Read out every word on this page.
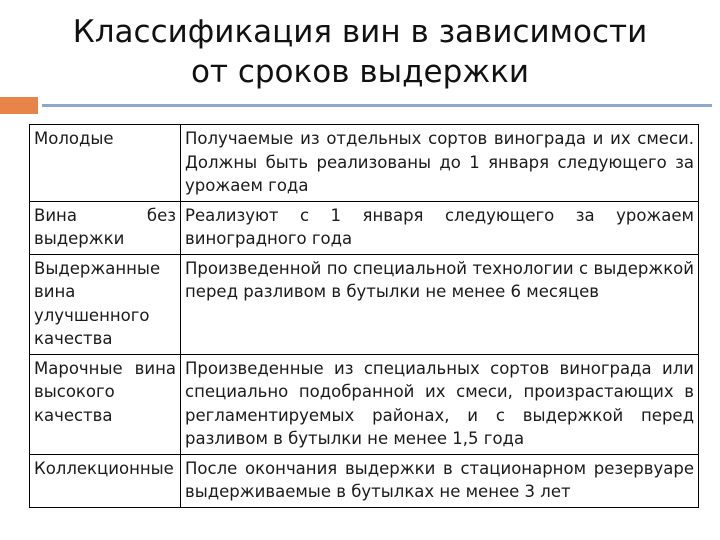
Классификация вин в зависимости
от сроков выдержки
Молодые	Получаемые из отдельных сортов винограда и их смеси. Должны быть реализованы до 1 января следующего за урожаем года

Вина без выдержки	Реализуют с 1 января следующего за урожаем виноградного года

Выдержанные вина улучшенного качества	Произведенной по специальной технологии с выдержкой перед разливом в бутылки не менее 6 месяцев

Марочные вина высокого качества	Произведенные из специальных сортов винограда или специально подобранной их смеси, произрастающих в регламентируемых районах, и с выдержкой перед разливом в бутылки не менее 1,5 года

Коллекционные	После окончания выдержки в стационарном резервуаре выдерживаемые в бутылках не менее 3 лет
